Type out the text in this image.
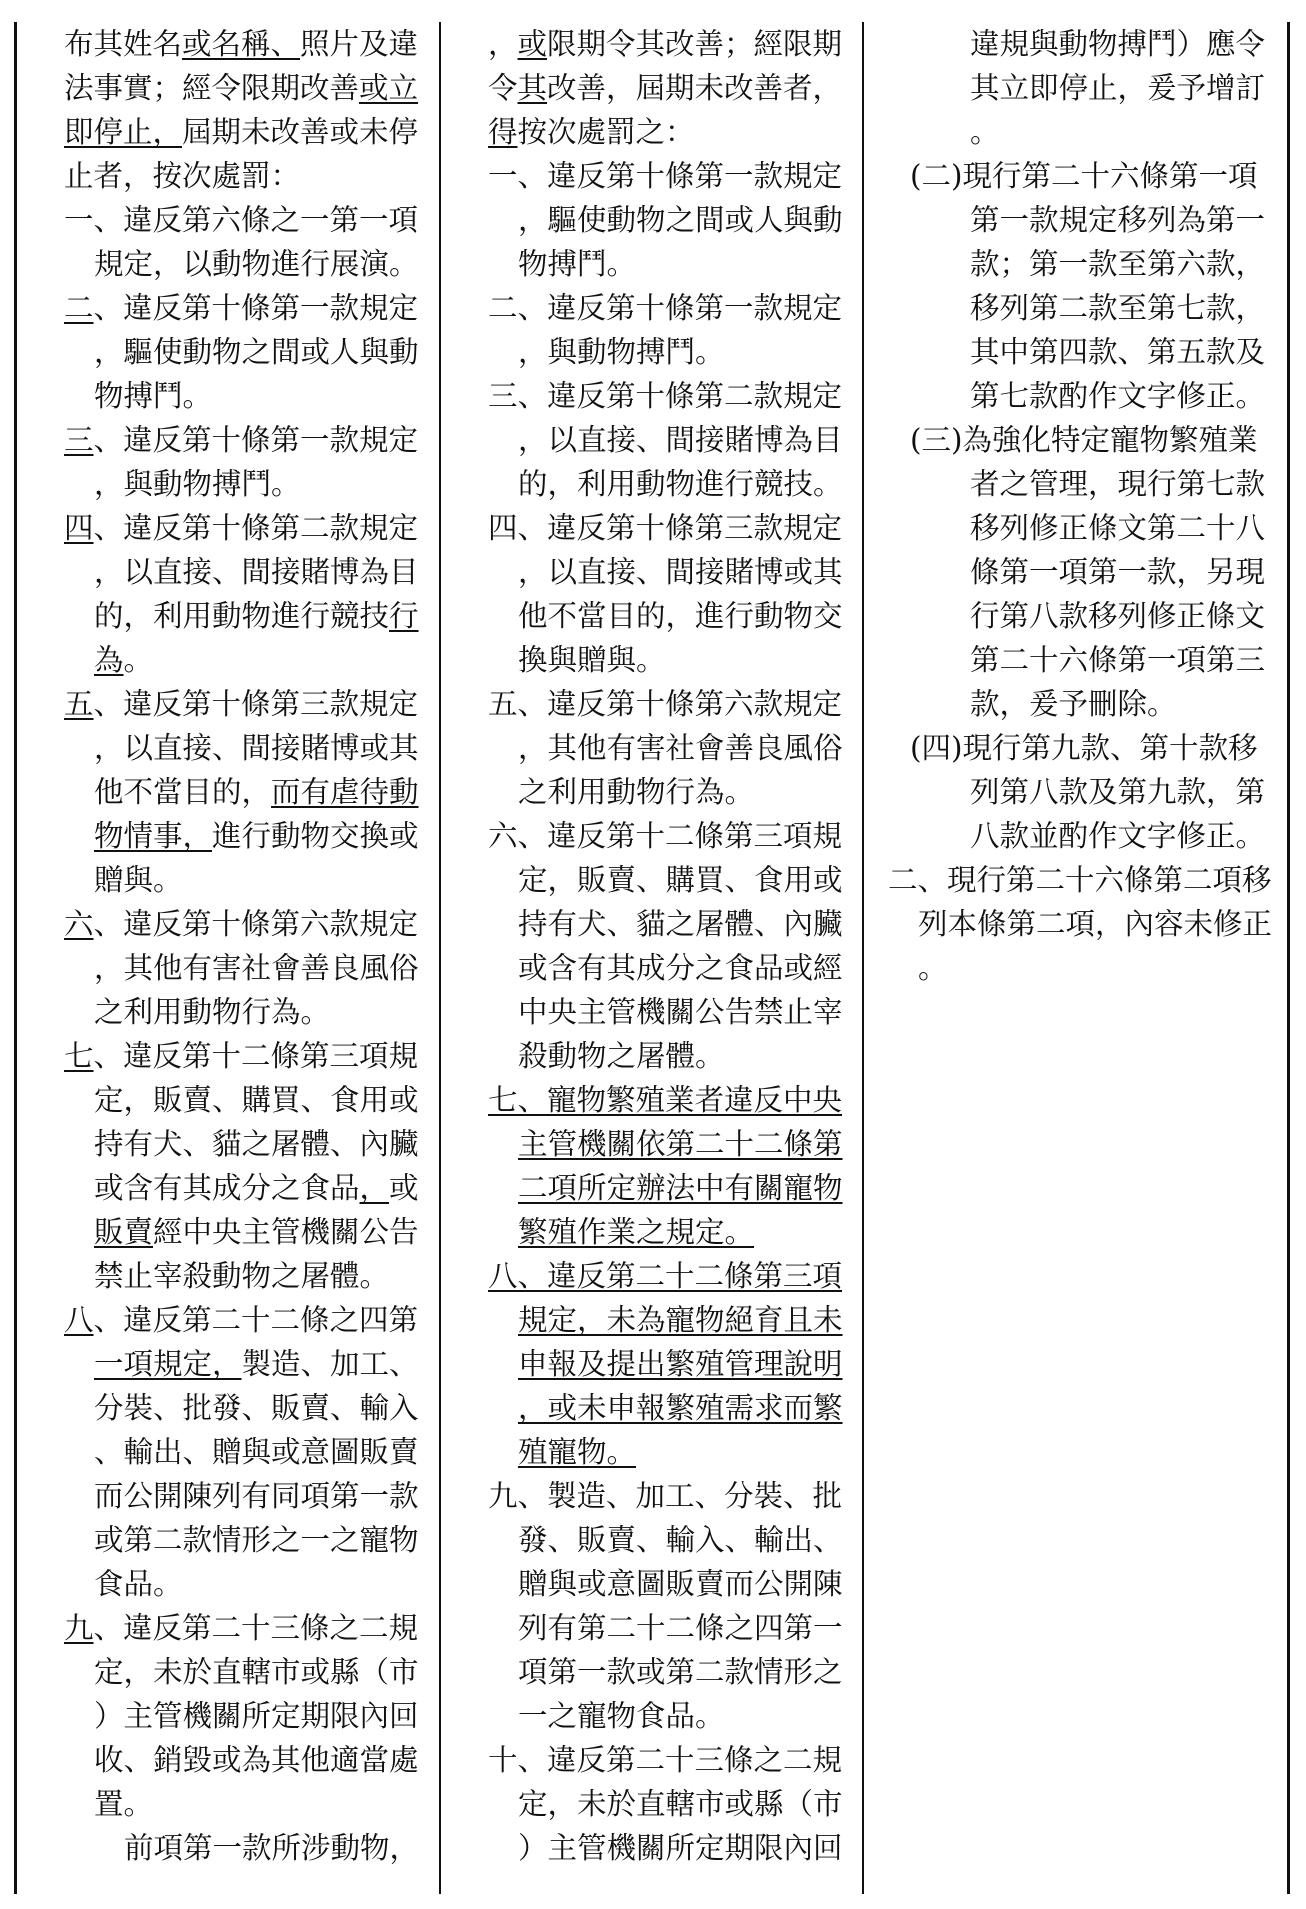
布其姓名或名稱、照片及違
法事實；經令限期改善或立
即停止，屆期未改善或未停
止者，按次處罰：
一、違反第六條之一第一項
規定，以動物進行展演。
二、違反第十條第一款規定
，驅使動物之間或人與動
物搏鬥。
三、違反第十條第一款規定
，與動物搏鬥。
四、違反第十條第二款規定
，以直接、間接賭博為目
的，利用動物進行競技行
為。
五、違反第十條第三款規定
，以直接、間接賭博或其
他不當目的，而有虐待動
物情事，進行動物交換或
贈與。
六、違反第十條第六款規定
，其他有害社會善良風俗
之利用動物行為。
七、違反第十二條第三項規
定，販賣、購買、食用或
持有犬、貓之屠體、內臟
或含有其成分之食品，或
販賣經中央主管機關公告
禁止宰殺動物之屠體。
八、違反第二十二條之四第
一項規定，製造、加工、
分裝、批發、販賣、輸入
、輸出、贈與或意圖販賣
而公開陳列有同項第一款
或第二款情形之一之寵物
食品。
九、違反第二十三條之二規
定，未於直轄市或縣（市
）主管機關所定期限內回
收、銷毀或為其他適當處
置。
前項第一款所涉動物，
，或限期令其改善；經限期
令其改善，屆期未改善者，
得按次處罰之：
一、違反第十條第一款規定
，驅使動物之間或人與動
物搏鬥。
二、違反第十條第一款規定
，與動物搏鬥。
三、違反第十條第二款規定
，以直接、間接賭博為目
的，利用動物進行競技。
四、違反第十條第三款規定
，以直接、間接賭博或其
他不當目的，進行動物交
換與贈與。
五、違反第十條第六款規定
，其他有害社會善良風俗
之利用動物行為。
六、違反第十二條第三項規
定，販賣、購買、食用或
持有犬、貓之屠體、內臟
或含有其成分之食品或經
中央主管機關公告禁止宰
殺動物之屠體。
七、寵物繁殖業者違反中央
主管機關依第二十二條第
二項所定辦法中有關寵物
繁殖作業之規定。
八、違反第二十二條第三項
規定，未為寵物絕育且未
申報及提出繁殖管理說明
，或未申報繁殖需求而繁
殖寵物。
九、製造、加工、分裝、批
發、販賣、輸入、輸出、
贈與或意圖販賣而公開陳
列有第二十二條之四第一
項第一款或第二款情形之
一之寵物食品。
十、違反第二十三條之二規
定，未於直轄市或縣（市
）主管機關所定期限內回
違規與動物搏鬥）應令
其立即停止，爰予增訂
。
(二)現行第二十六條第一項
第一款規定移列為第一
款；第一款至第六款，
移列第二款至第七款，
其中第四款、第五款及
第七款酌作文字修正。
(三)為強化特定寵物繁殖業
者之管理，現行第七款
移列修正條文第二十八
條第一項第一款，另現
行第八款移列修正條文
第二十六條第一項第三
款，爰予刪除。
(四)現行第九款、第十款移
列第八款及第九款，第
八款並酌作文字修正。
二、現行第二十六條第二項移
列本條第二項，內容未修正
。
